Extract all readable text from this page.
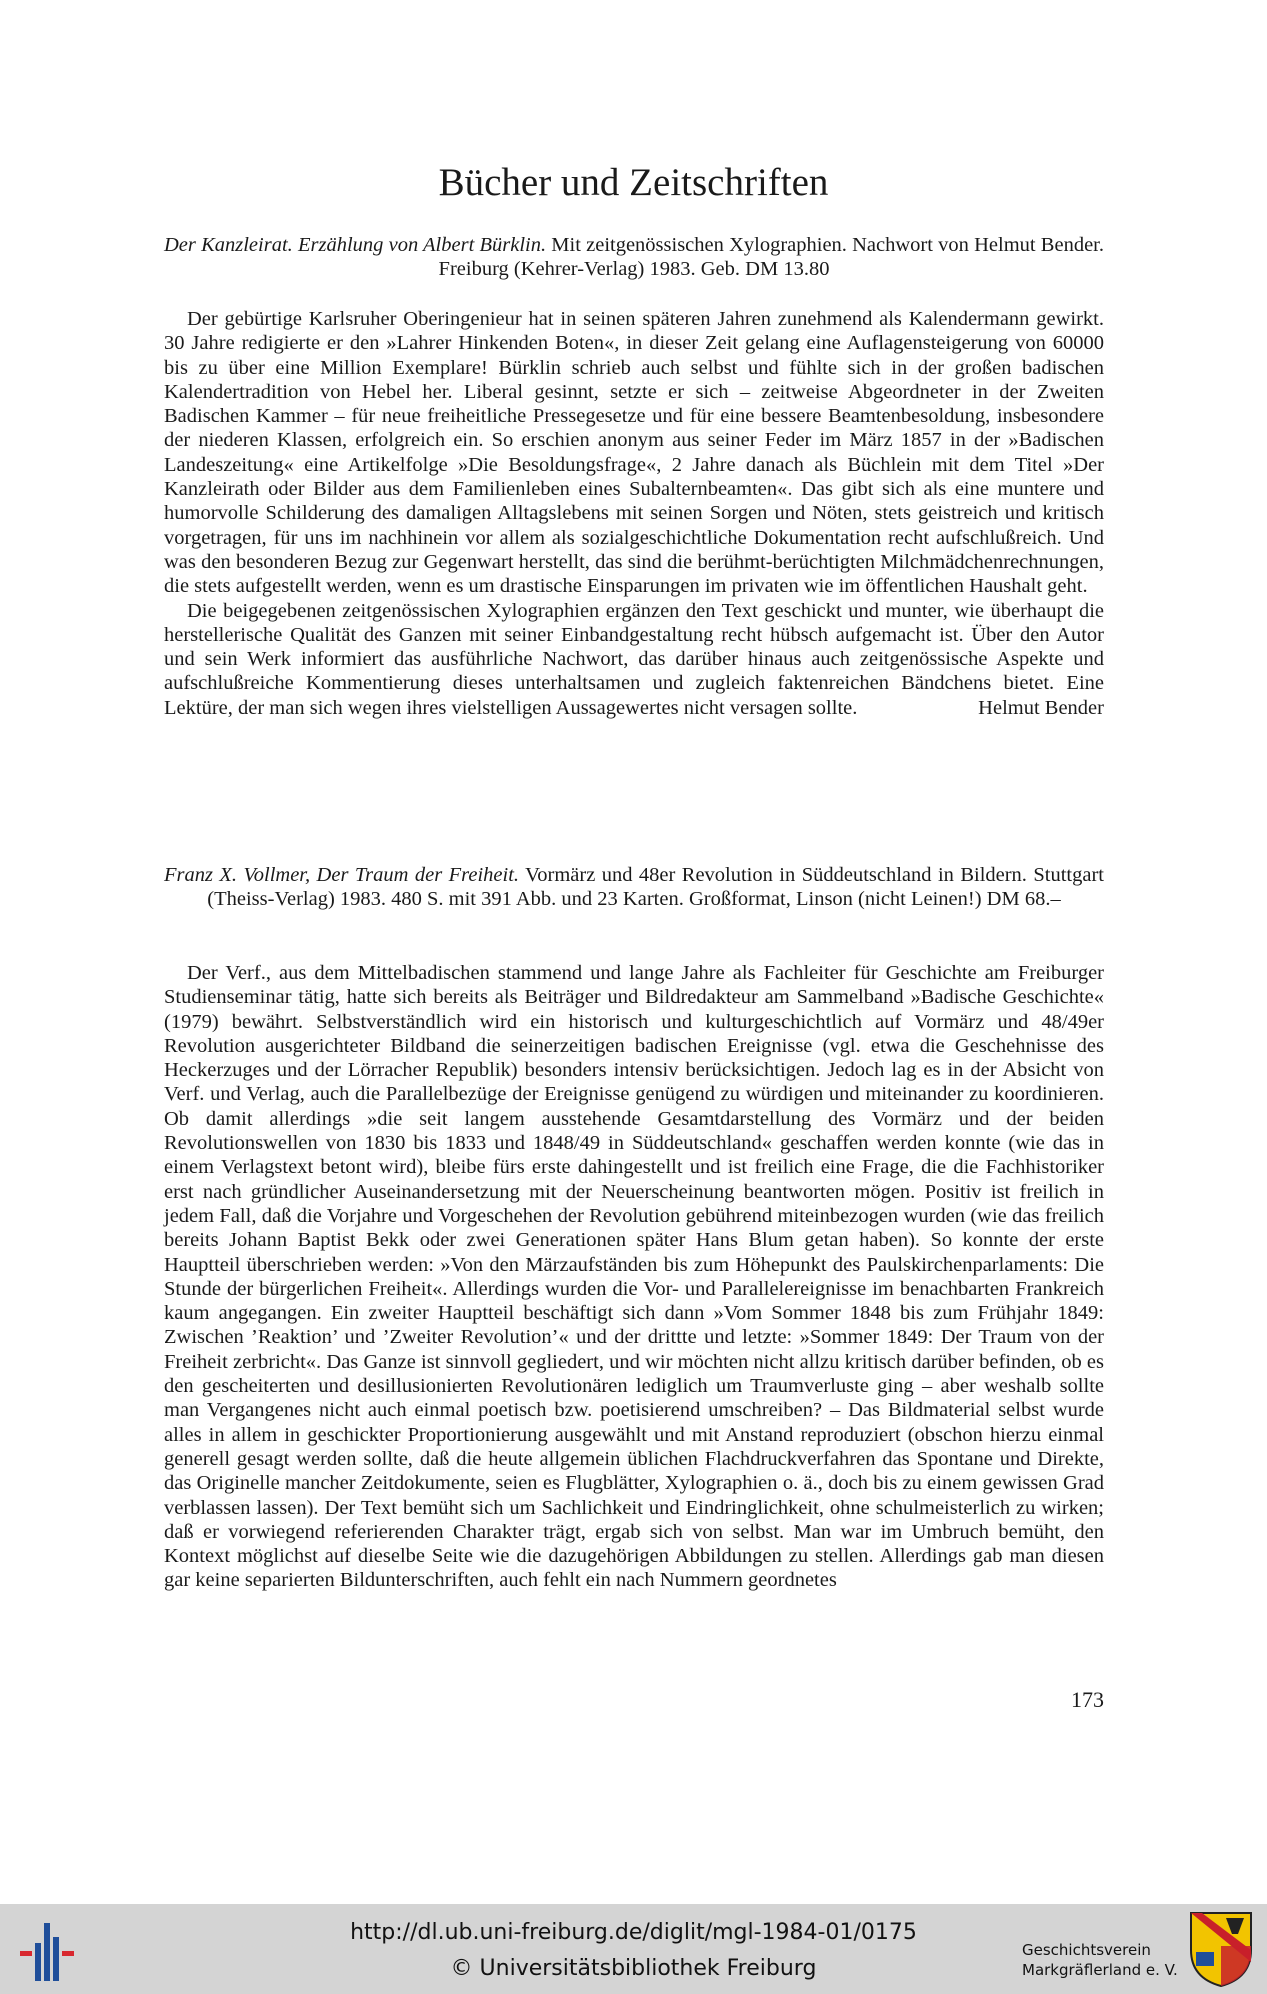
Bücher und Zeitschriften
Der Kanzleirat. Erzählung von Albert Bürklin. Mit zeitgenössischen Xylographien. Nachwort von Helmut Bender. Freiburg (Kehrer-Verlag) 1983. Geb. DM 13.80

Der gebürtige Karlsruher Oberingenieur hat in seinen späteren Jahren zunehmend als Kalendermann gewirkt. 30 Jahre redigierte er den »Lahrer Hinkenden Boten«, in dieser Zeit gelang eine Auflagensteigerung von 60000 bis zu über eine Million Exemplare! Bürklin schrieb auch selbst und fühlte sich in der großen badischen Kalendertradition von Hebel her. Liberal gesinnt, setzte er sich – zeitweise Abgeordneter in der Zweiten Badischen Kammer – für neue freiheitliche Pressegesetze und für eine bessere Beamtenbesoldung, insbesondere der niederen Klassen, erfolgreich ein. So erschien anonym aus seiner Feder im März 1857 in der »Badischen Landeszeitung« eine Artikelfolge »Die Besoldungsfrage«, 2 Jahre danach als Büchlein mit dem Titel »Der Kanzleirath oder Bilder aus dem Familienleben eines Subalternbeamten«. Das gibt sich als eine muntere und humorvolle Schilderung des damaligen Alltagslebens mit seinen Sorgen und Nöten, stets geistreich und kritisch vorgetragen, für uns im nachhinein vor allem als sozialgeschichtliche Dokumentation recht aufschlußreich. Und was den besonderen Bezug zur Gegenwart herstellt, das sind die berühmt-berüchtigten Milchmädchenrechnungen, die stets aufgestellt werden, wenn es um drastische Einsparungen im privaten wie im öffentlichen Haushalt geht.

Die beigegebenen zeitgenössischen Xylographien ergänzen den Text geschickt und munter, wie überhaupt die herstellerische Qualität des Ganzen mit seiner Einbandgestaltung recht hübsch aufgemacht ist. Über den Autor und sein Werk informiert das ausführliche Nachwort, das darüber hinaus auch zeitgenössische Aspekte und aufschlußreiche Kommentierung dieses unterhaltsamen und zugleich faktenreichen Bändchens bietet. Eine Lektüre, der man sich wegen ihres vielstelligen Aussagewertes nicht versagen sollte.	Helmut Bender
Franz X. Vollmer, Der Traum der Freiheit. Vormärz und 48er Revolution in Süddeutschland in Bildern. Stuttgart (Theiss-Verlag) 1983. 480 S. mit 391 Abb. und 23 Karten. Großformat, Linson (nicht Leinen!) DM 68.–

Der Verf., aus dem Mittelbadischen stammend und lange Jahre als Fachleiter für Geschichte am Freiburger Studienseminar tätig, hatte sich bereits als Beiträger und Bildredakteur am Sammelband »Badische Geschichte« (1979) bewährt. Selbstverständlich wird ein historisch und kulturgeschichtlich auf Vormärz und 48/49er Revolution ausgerichteter Bildband die seinerzeitigen badischen Ereignisse (vgl. etwa die Geschehnisse des Heckerzuges und der Lörracher Republik) besonders intensiv berücksichtigen. Jedoch lag es in der Absicht von Verf. und Verlag, auch die Parallelbezüge der Ereignisse genügend zu würdigen und miteinander zu koordinieren. Ob damit allerdings »die seit langem ausstehende Gesamtdarstellung des Vormärz und der beiden Revolutionswellen von 1830 bis 1833 und 1848/49 in Süddeutschland« geschaffen werden konnte (wie das in einem Verlagstext betont wird), bleibe fürs erste dahingestellt und ist freilich eine Frage, die die Fachhistoriker erst nach gründlicher Auseinandersetzung mit der Neuerscheinung beantworten mögen. Positiv ist freilich in jedem Fall, daß die Vorjahre und Vorgeschehen der Revolution gebührend miteinbezogen wurden (wie das freilich bereits Johann Baptist Bekk oder zwei Generationen später Hans Blum getan haben). So konnte der erste Hauptteil überschrieben werden: »Von den Märzaufständen bis zum Höhepunkt des Paulskirchenparlaments: Die Stunde der bürgerlichen Freiheit«. Allerdings wurden die Vor- und Parallelereignisse im benachbarten Frankreich kaum angegangen. Ein zweiter Hauptteil beschäftigt sich dann »Vom Sommer 1848 bis zum Frühjahr 1849: Zwischen ’Reaktion’ und ’Zweiter Revolution’« und der drittte und letzte: »Sommer 1849: Der Traum von der Freiheit zerbricht«. Das Ganze ist sinnvoll gegliedert, und wir möchten nicht allzu kritisch darüber befinden, ob es den gescheiterten und desillusionierten Revolutionären lediglich um Traumverluste ging – aber weshalb sollte man Vergangenes nicht auch einmal poetisch bzw. poetisierend umschreiben? – Das Bildmaterial selbst wurde alles in allem in geschickter Proportionierung ausgewählt und mit Anstand reproduziert (obschon hierzu einmal generell gesagt werden sollte, daß die heute allgemein üblichen Flachdruckverfahren das Spontane und Direkte, das Originelle mancher Zeitdokumente, seien es Flugblätter, Xylographien o. ä., doch bis zu einem gewissen Grad verblassen lassen). Der Text bemüht sich um Sachlichkeit und Eindringlichkeit, ohne schulmeisterlich zu wirken; daß er vorwiegend referierenden Charakter trägt, ergab sich von selbst. Man war im Umbruch bemüht, den Kontext möglichst auf dieselbe Seite wie die dazugehörigen Abbildungen zu stellen. Allerdings gab man diesen gar keine separierten Bildunterschriften, auch fehlt ein nach Nummern geordnetes

173
http://dl.ub.uni-freiburg.de/diglit/mgl-1984-01/0175
© Universitätsbibliothek Freiburg
Geschichtsverein
Markgräflerland e. V.
